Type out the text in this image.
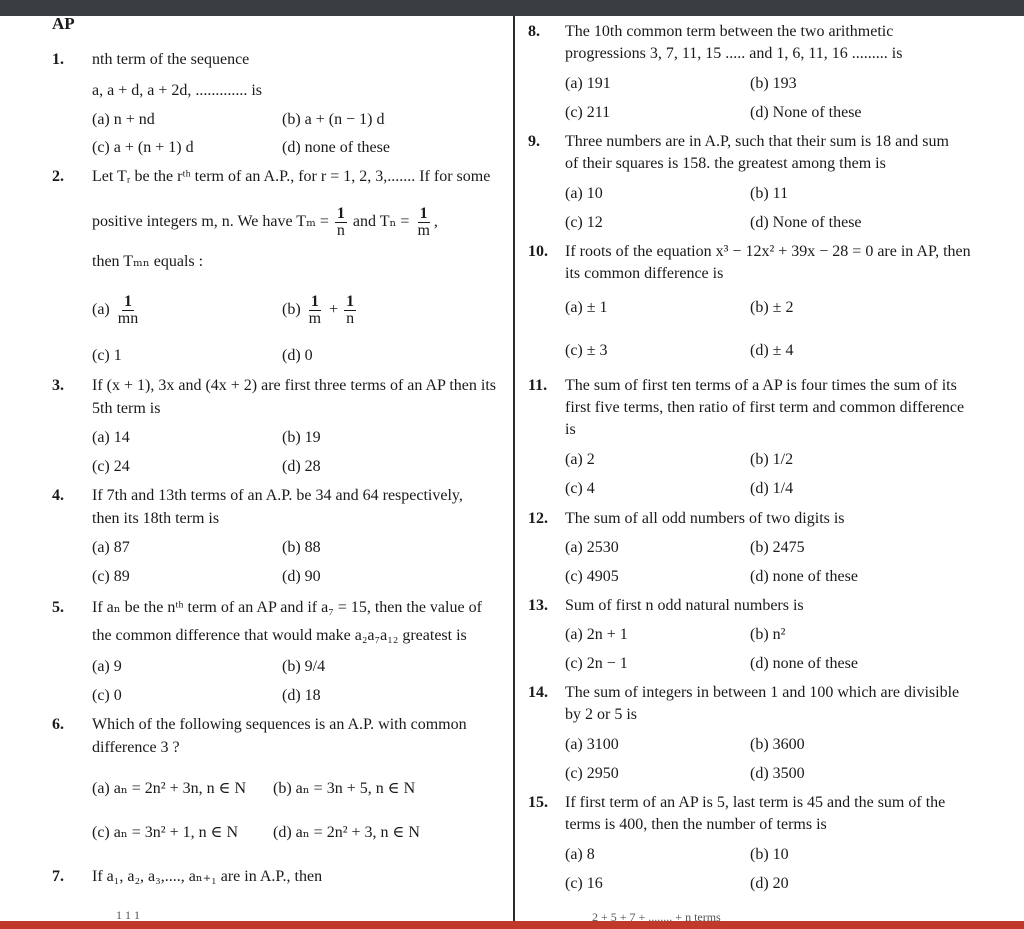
AP
1. nth term of the sequence
a, a + d, a + 2d, ............. is
(a) n + nd	(b) a + (n − 1) d
(c) a + (n + 1) d	(d) none of these
2. Let Tᵣ be the rᵗʰ term of an A.P., for r = 1, 2, 3,....... If for some
positive integers m, n. We have $T_m = \frac{1}{n}$ and $T_n = \frac{1}{m}$ ,
then Tₘₙ equals :
$(a) \frac{1}{mn}$	$(b) \frac{1}{m} + \frac{1}{n}$
(c) 1	(d) 0
3. If (x + 1), 3x and (4x + 2) are first three terms of an AP then its
5th term is
(a) 14	(b) 19
(c) 24	(d) 28
4. If 7th and 13th terms of an A.P. be 34 and 64 respectively,
then its 18th term is
(a) 87	(b) 88
(c) 89	(d) 90
5. If aₙ be the nᵗʰ term of an AP and if a₇ = 15, then the value of
the common difference that would make a₂a₇a₁₂ greatest is
(a) 9	(b) 9/4
(c) 0	(d) 18
6. Which of the following sequences is an A.P. with common
difference 3 ?
(a) aₙ = 2n² + 3n, n ∈ N (b) aₙ = 3n + 5, n ∈ N
(c) aₙ = 3n² + 1, n ∈ N (d) aₙ = 2n² + 3, n ∈ N
7. If a₁, a₂, a₃,...., aₙ₊₁ are in A.P., then
1 1 1
8. The 10th common term between the two arithmetic
progressions 3, 7, 11, 15 ..... and 1, 6, 11, 16 ......... is
(a) 191	(b) 193
(c) 211	(d) None of these
9. Three numbers are in A.P, such that their sum is 18 and sum
of their squares is 158. the greatest among them is
(a) 10	(b) 11
(c) 12	(d) None of these
10. If roots of the equation x³ − 12x² + 39x − 28 = 0 are in AP, then
its common difference is
(a) ± 1	(b) ± 2
(c) ± 3	(d) ± 4
11. The sum of first ten terms of a AP is four times the sum of its
first five terms, then ratio of first term and common difference
is
(a) 2	(b) 1/2
(c) 4	(d) 1/4
12. The sum of all odd numbers of two digits is
(a) 2530	(b) 2475
(c) 4905	(d) none of these
13. Sum of first n odd natural numbers is
(a) 2n + 1	(b) n²
(c) 2n − 1	(d) none of these
14. The sum of integers in between 1 and 100 which are divisible
by 2 or 5 is
(a) 3100	(b) 3600
(c) 2950	(d) 3500
15. If first term of an AP is 5, last term is 45 and the sum of the
terms is 400, then the number of terms is
(a) 8	(b) 10
(c) 16	(d) 20
2 + 5 + 7 + ........ + n terms
